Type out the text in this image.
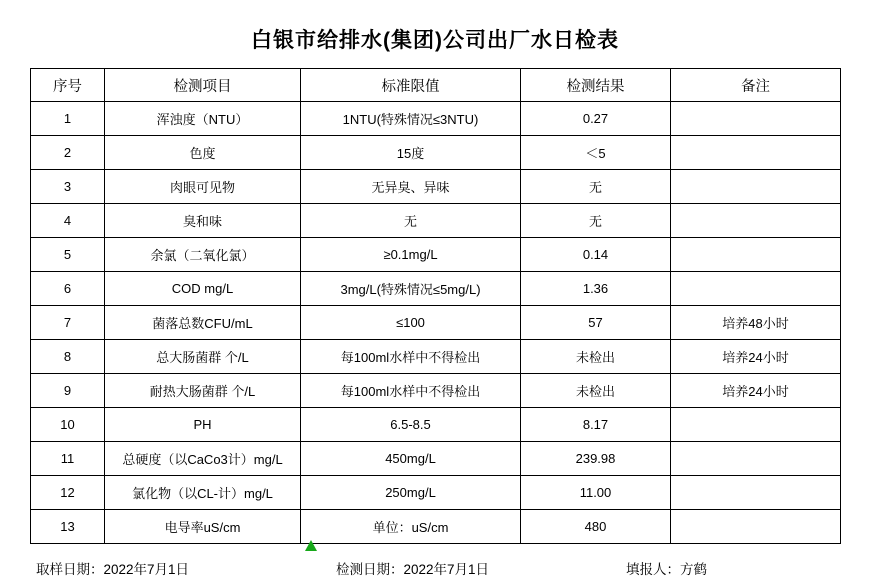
白银市给排水(集团)公司出厂水日检表
序号	检测项目	标准限值	检测结果	备注
1	浑浊度（NTU）	1NTU(特殊情况≤3NTU)	0.27	
2	色度	15度	＜5	
3	肉眼可见物	无异臭、异味	无	
4	臭和味	无	无	
5	余氯（二氧化氯）	≥0.1mg/L	0.14	
6	COD mg/L	3mg/L(特殊情况≤5mg/L)	1.36	
7	菌落总数CFU/mL	≤100	57	培养48小时
8	总大肠菌群 个/L	每100ml水样中不得检出	未检出	培养24小时
9	耐热大肠菌群 个/L	每100ml水样中不得检出	未检出	培养24小时
10	PH	6.5-8.5	8.17	
11	总硬度（以CaCo3计）mg/L	450mg/L	239.98	
12	氯化物（以CL-计）mg/L	250mg/L	11.00	
13	电导率uS/cm	单位：uS/cm	480	
取样日期：2022年7月1日	检测日期：2022年7月1日	填报人：方鹤
